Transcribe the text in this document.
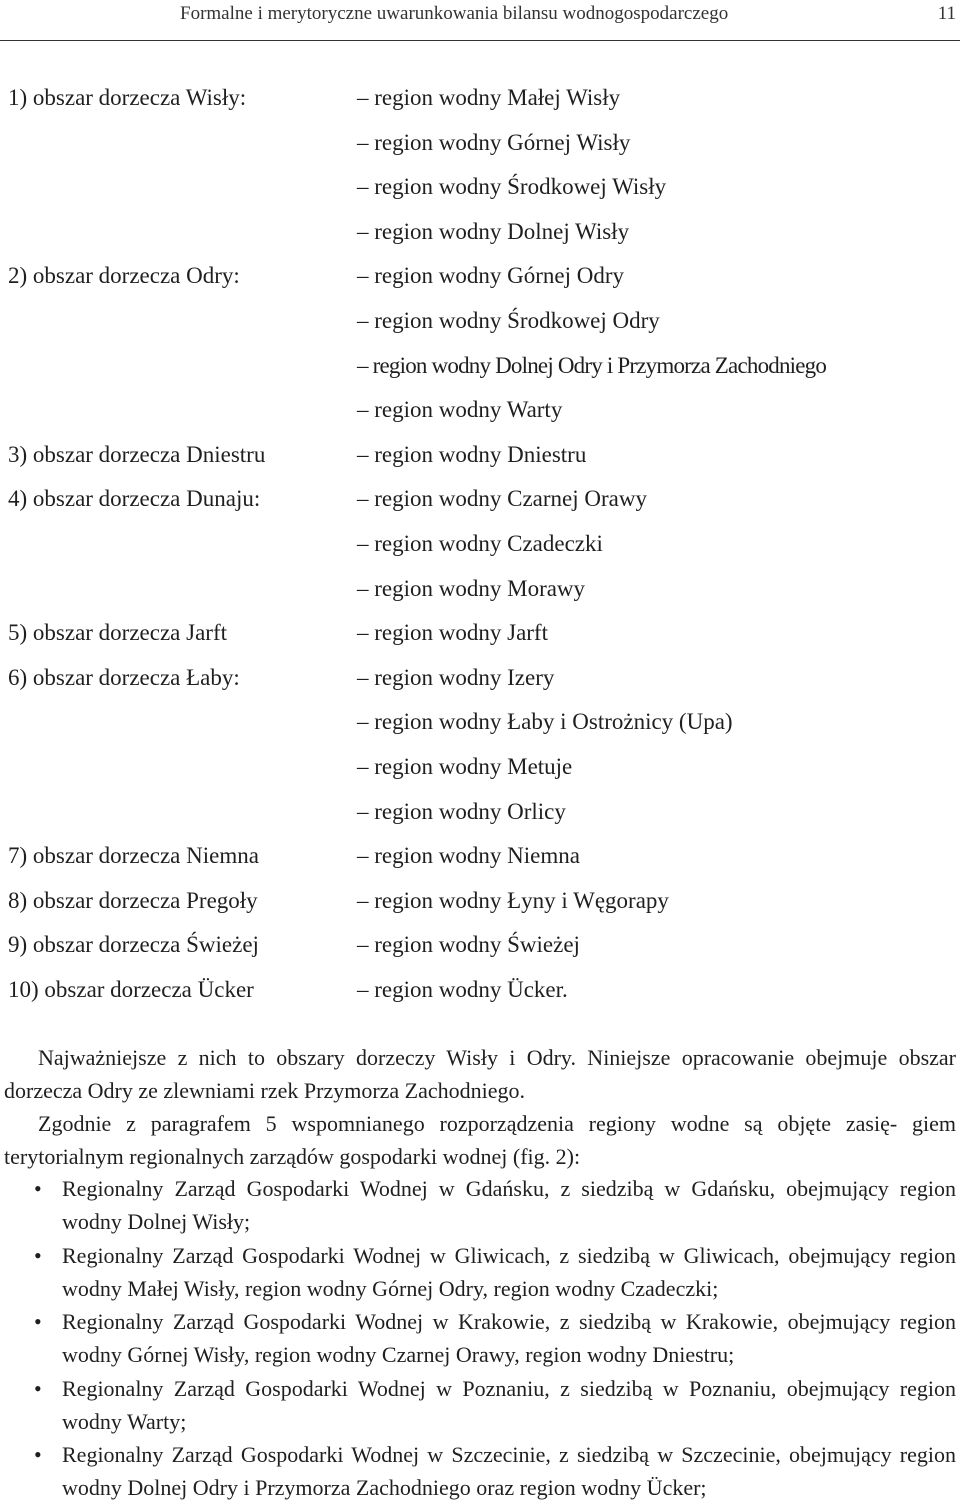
Formalne i merytoryczne uwarunkowania bilansu wodnogospodarczego	11
1) obszar dorzecza Wisły:	– region wodny Małej Wisły
– region wodny Górnej Wisły
– region wodny Środkowej Wisły
– region wodny Dolnej Wisły
2) obszar dorzecza Odry:	– region wodny Górnej Odry
– region wodny Środkowej Odry
– region wodny Dolnej Odry i Przymorza Zachodniego
– region wodny Warty
3) obszar dorzecza Dniestru	– region wodny Dniestru
4) obszar dorzecza Dunaju:	– region wodny Czarnej Orawy
– region wodny Czadeczki
– region wodny Morawy
5) obszar dorzecza Jarft	– region wodny Jarft
6) obszar dorzecza Łaby:	– region wodny Izery
– region wodny Łaby i Ostrożnicy (Upa)
– region wodny Metuje
– region wodny Orlicy
7) obszar dorzecza Niemna	– region wodny Niemna
8) obszar dorzecza Pregoły	– region wodny Łyny i Węgorapy
9) obszar dorzecza Świeżej	– region wodny Świeżej
10) obszar dorzecza Ücker	– region wodny Ücker.

Najważniejsze z nich to obszary dorzeczy Wisły i Odry. Niniejsze opracowanie obejmuje obszar dorzecza Odry ze zlewniami rzek Przymorza Zachodniego.

Zgodnie z paragrafem 5 wspomnianego rozporządzenia regiony wodne są objęte zasię- giem terytorialnym regionalnych zarządów gospodarki wodnej (fig. 2):

• Regionalny Zarząd Gospodarki Wodnej w Gdańsku, z siedzibą w Gdańsku, obejmujący region wodny Dolnej Wisły;
• Regionalny Zarząd Gospodarki Wodnej w Gliwicach, z siedzibą w Gliwicach, obejmujący region wodny Małej Wisły, region wodny Górnej Odry, region wodny Czadeczki;
• Regionalny Zarząd Gospodarki Wodnej w Krakowie, z siedzibą w Krakowie, obejmujący region wodny Górnej Wisły, region wodny Czarnej Orawy, region wodny Dniestru;
• Regionalny Zarząd Gospodarki Wodnej w Poznaniu, z siedzibą w Poznaniu, obejmujący region wodny Warty;
• Regionalny Zarząd Gospodarki Wodnej w Szczecinie, z siedzibą w Szczecinie, obejmujący region wodny Dolnej Odry i Przymorza Zachodniego oraz region wodny Ücker;
